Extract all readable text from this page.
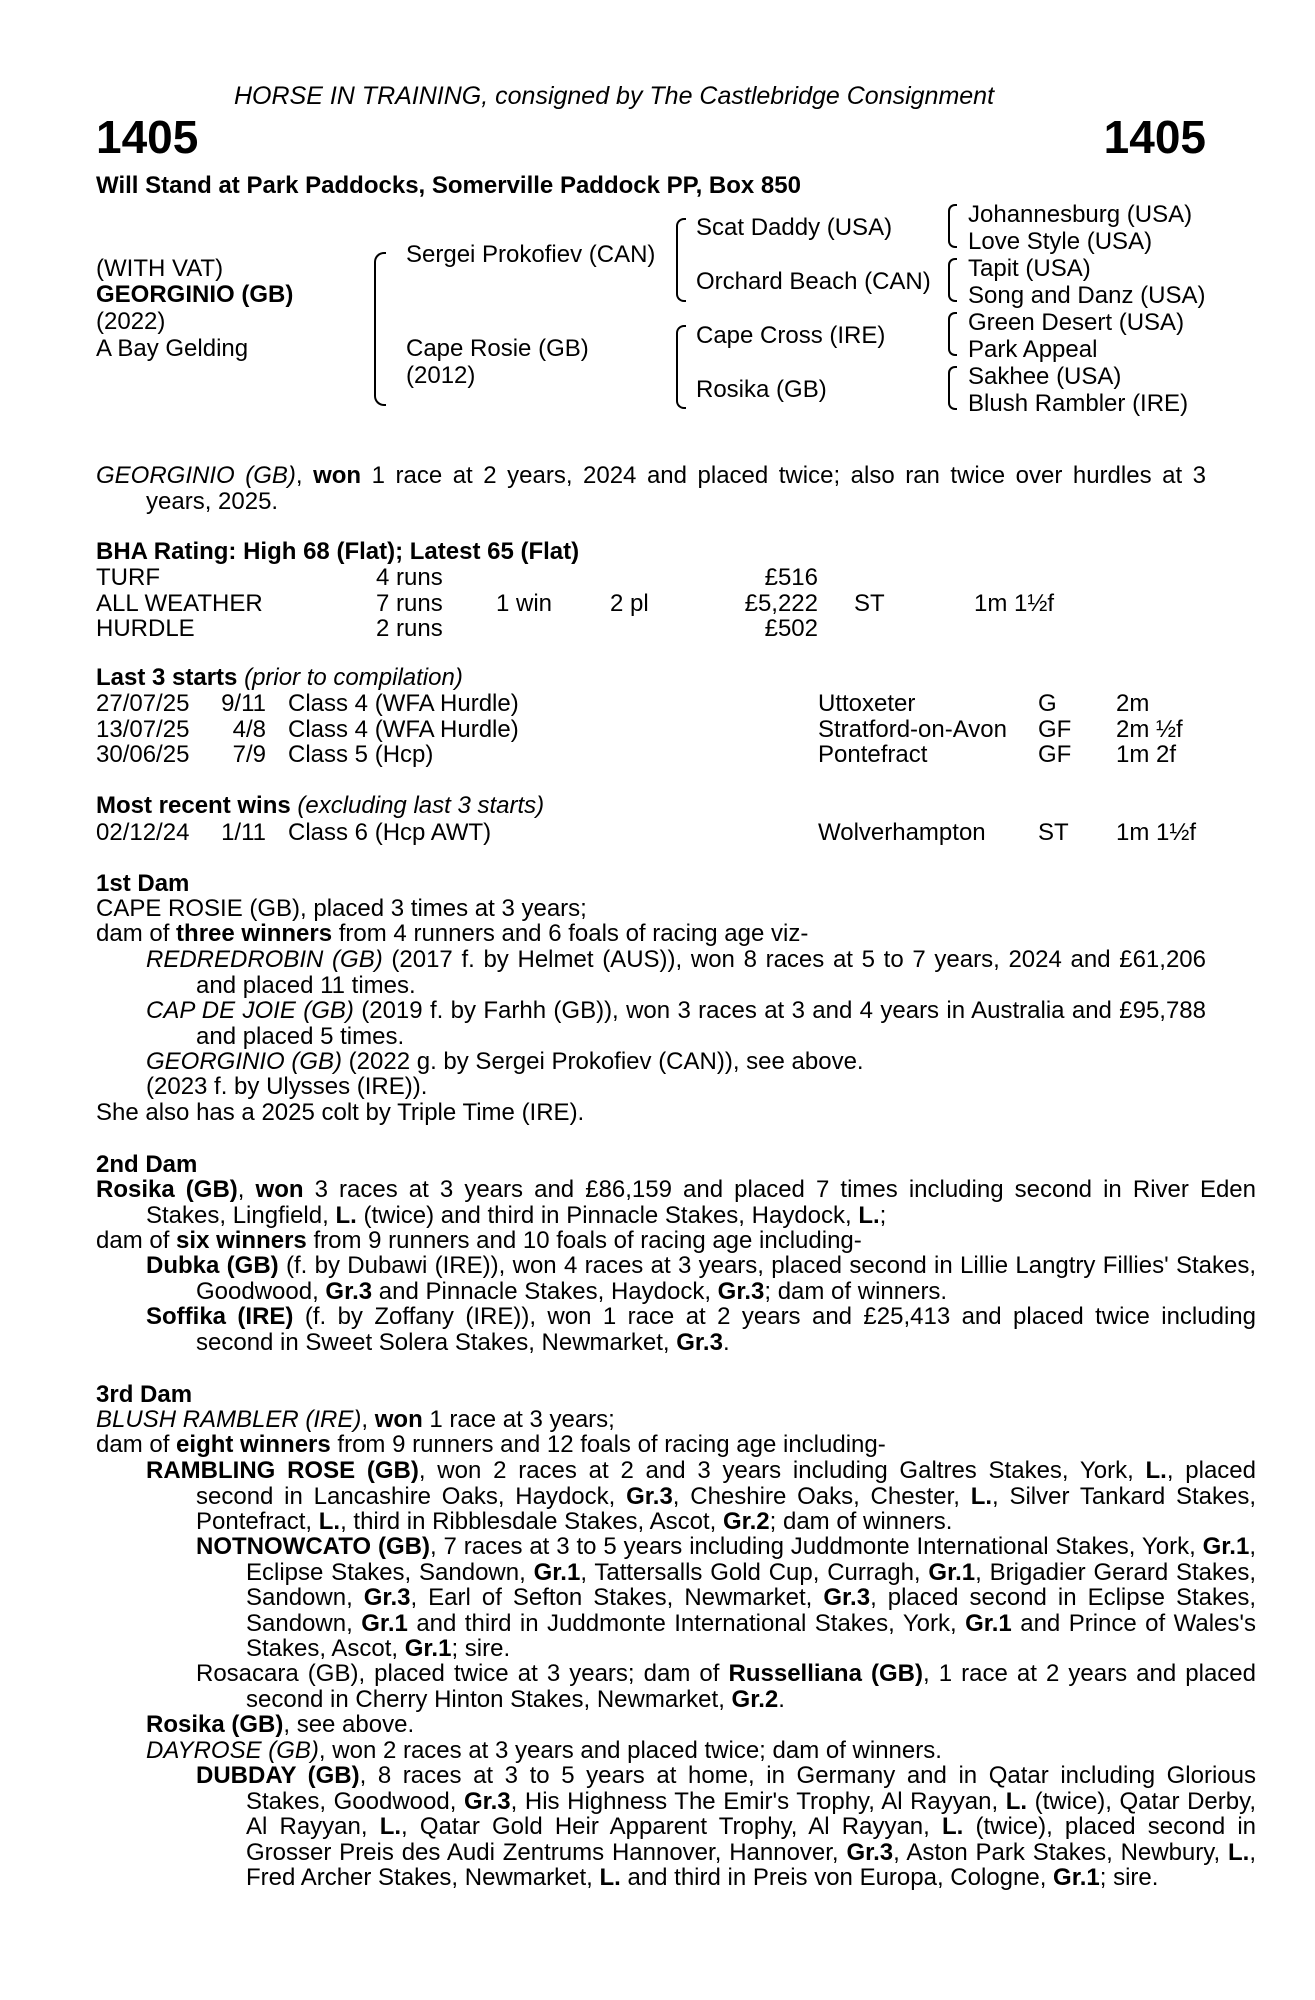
HORSE IN TRAINING, consigned by The Castlebridge Consignment
1405	1405
Will Stand at Park Paddocks, Somerville Paddock PP, Box 850
(WITH VAT)
GEORGINIO (GB)
(2022)
A Bay Gelding
Sergei Prokofiev (CAN)
Cape Rosie (GB)
(2012)
Scat Daddy (USA)
Orchard Beach (CAN)
Cape Cross (IRE)
Rosika (GB)
Johannesburg (USA)
Love Style (USA)
Tapit (USA)
Song and Danz (USA)
Green Desert (USA)
Park Appeal
Sakhee (USA)
Blush Rambler (IRE)
GEORGINIO (GB), won 1 race at 2 years, 2024 and placed twice; also ran twice over hurdles at 3 years, 2025.
BHA Rating: High 68 (Flat); Latest 65 (Flat)
TURF	4 runs	£516
ALL WEATHER	7 runs 1 win 2 pl	£5,222 ST	1m 1½f
HURDLE	2 runs	£502
Last 3 starts (prior to compilation)
27/07/25	9/11 Class 4 (WFA Hurdle)	Uttoxeter	G 2m
13/07/25	4/8 Class 4 (WFA Hurdle)	Stratford-on-Avon GF 2m ½f
30/06/25	7/9 Class 5 (Hcp)	Pontefract	GF 1m 2f
Most recent wins (excluding last 3 starts)
02/12/24	1/11 Class 6 (Hcp AWT)	Wolverhampton ST 1m 1½f
1st Dam
CAPE ROSIE (GB), placed 3 times at 3 years;
dam of three winners from 4 runners and 6 foals of racing age viz-
REDREDROBIN (GB) (2017 f. by Helmet (AUS)), won 8 races at 5 to 7 years, 2024 and £61,206 and placed 11 times.
CAP DE JOIE (GB) (2019 f. by Farhh (GB)), won 3 races at 3 and 4 years in Australia and £95,788 and placed 5 times.
GEORGINIO (GB) (2022 g. by Sergei Prokofiev (CAN)), see above.
(2023 f. by Ulysses (IRE)).
She also has a 2025 colt by Triple Time (IRE).
2nd Dam
Rosika (GB), won 3 races at 3 years and £86,159 and placed 7 times including second in River Eden Stakes, Lingfield, L. (twice) and third in Pinnacle Stakes, Haydock, L.;
dam of six winners from 9 runners and 10 foals of racing age including-
Dubka (GB) (f. by Dubawi (IRE)), won 4 races at 3 years, placed second in Lillie Langtry Fillies' Stakes, Goodwood, Gr.3 and Pinnacle Stakes, Haydock, Gr.3; dam of winners.
Soffika (IRE) (f. by Zoffany (IRE)), won 1 race at 2 years and £25,413 and placed twice including second in Sweet Solera Stakes, Newmarket, Gr.3.
3rd Dam
BLUSH RAMBLER (IRE), won 1 race at 3 years;
dam of eight winners from 9 runners and 12 foals of racing age including-
RAMBLING ROSE (GB), won 2 races at 2 and 3 years including Galtres Stakes, York, L., placed second in Lancashire Oaks, Haydock, Gr.3, Cheshire Oaks, Chester, L., Silver Tankard Stakes, Pontefract, L., third in Ribblesdale Stakes, Ascot, Gr.2; dam of winners.
NOTNOWCATO (GB), 7 races at 3 to 5 years including Juddmonte International Stakes, York, Gr.1, Eclipse Stakes, Sandown, Gr.1, Tattersalls Gold Cup, Curragh, Gr.1, Brigadier Gerard Stakes, Sandown, Gr.3, Earl of Sefton Stakes, Newmarket, Gr.3, placed second in Eclipse Stakes, Sandown, Gr.1 and third in Juddmonte International Stakes, York, Gr.1 and Prince of Wales's Stakes, Ascot, Gr.1; sire.
Rosacara (GB), placed twice at 3 years; dam of Russelliana (GB), 1 race at 2 years and placed second in Cherry Hinton Stakes, Newmarket, Gr.2.
Rosika (GB), see above.
DAYROSE (GB), won 2 races at 3 years and placed twice; dam of winners.
DUBDAY (GB), 8 races at 3 to 5 years at home, in Germany and in Qatar including Glorious Stakes, Goodwood, Gr.3, His Highness The Emir's Trophy, Al Rayyan, L. (twice), Qatar Derby, Al Rayyan, L., Qatar Gold Heir Apparent Trophy, Al Rayyan, L. (twice), placed second in Grosser Preis des Audi Zentrums Hannover, Hannover, Gr.3, Aston Park Stakes, Newbury, L., Fred Archer Stakes, Newmarket, L. and third in Preis von Europa, Cologne, Gr.1; sire.
